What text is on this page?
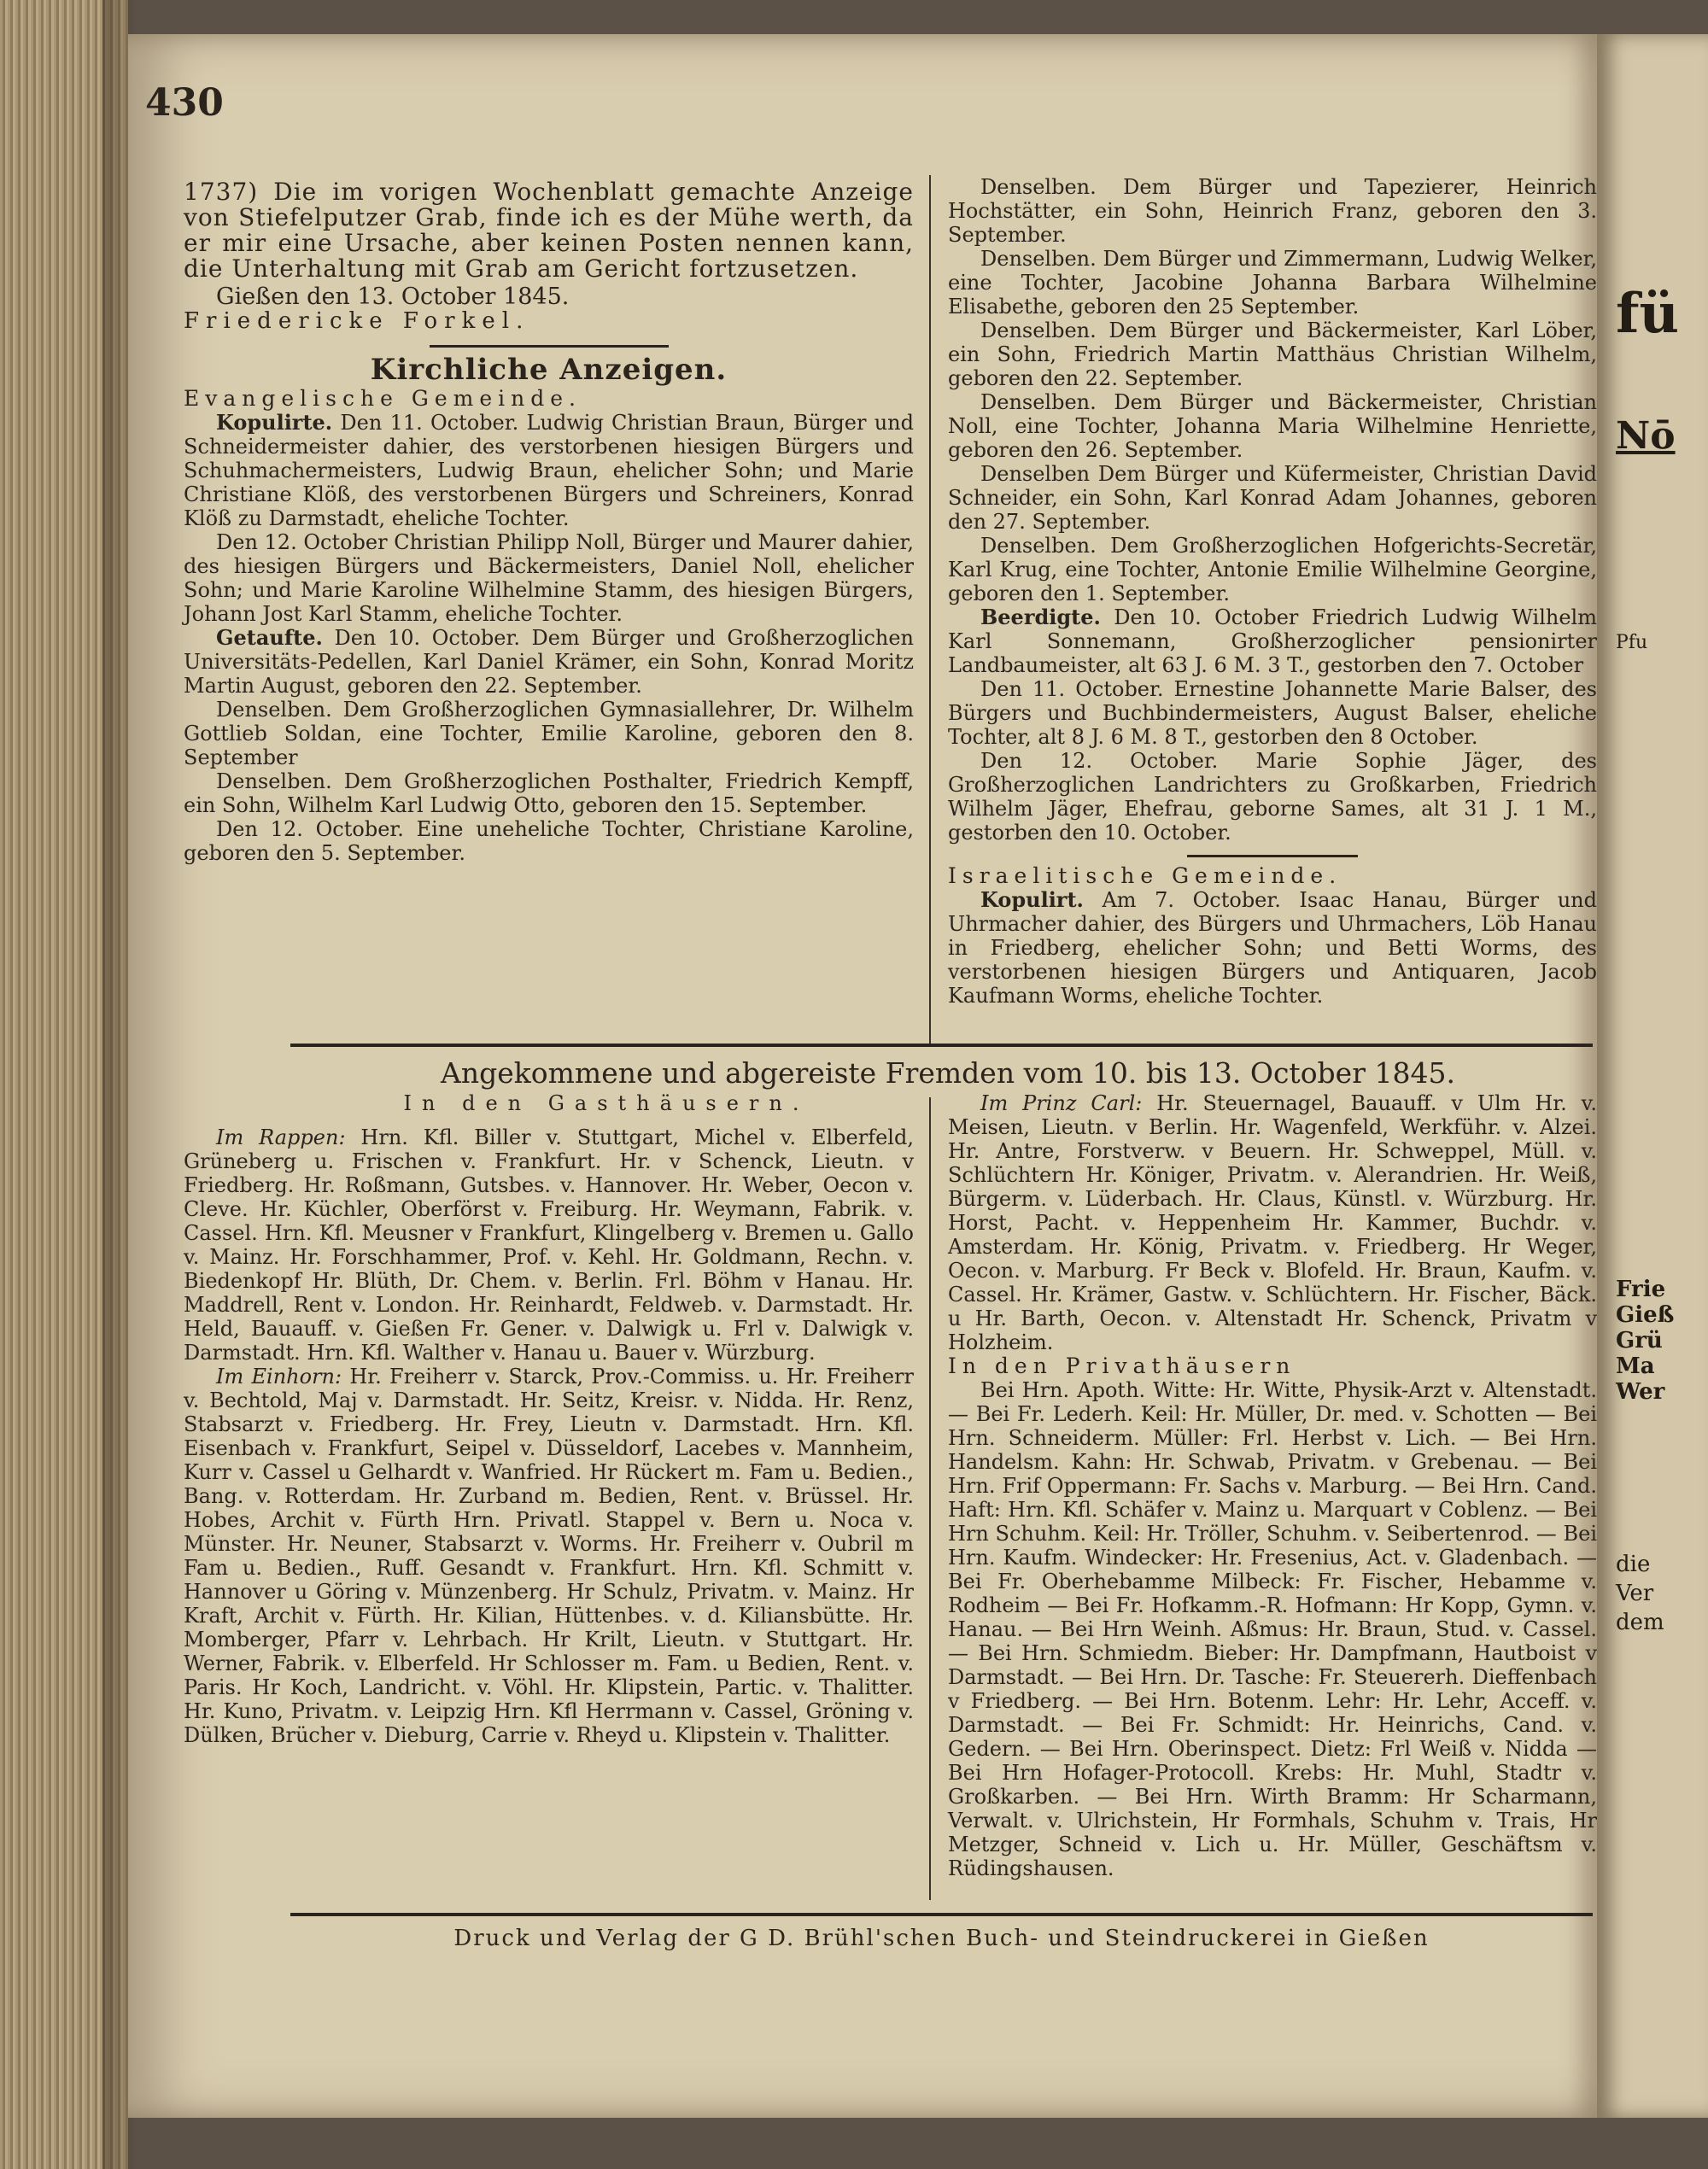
fü
Nō
Pfu
Frie Gieß Grü Ma Wer
die Ver dem
430

1737) Die im vorigen Wochenblatt gemachte Anzeige von Stiefelputzer Grab, finde ich es der Mühe werth, da er mir eine Ursache, aber keinen Posten nennen kann, die Unterhaltung mit Grab am Gericht fortzusetzen.

Gießen den 13. October 1845.

Friedericke Forkel.

Kirchliche Anzeigen.

Evangelische Gemeinde.

Kopulirte. Den 11. October. Ludwig Christian Braun, Bürger und Schneidermeister dahier, des verstorbenen hiesigen Bürgers und Schuhmachermeisters, Ludwig Braun, ehelicher Sohn; und Marie Christiane Klöß, des verstorbenen Bürgers und Schreiners, Konrad Klöß zu Darmstadt, eheliche Tochter.

Den 12. October Christian Philipp Noll, Bürger und Maurer dahier, des hiesigen Bürgers und Bäckermeisters, Daniel Noll, ehelicher Sohn; und Marie Karoline Wilhelmine Stamm, des hiesigen Bürgers, Johann Jost Karl Stamm, eheliche Tochter.

Getaufte. Den 10. October. Dem Bürger und Großherzoglichen Universitäts-Pedellen, Karl Daniel Krämer, ein Sohn, Konrad Moritz Martin August, geboren den 22. September.

Denselben. Dem Großherzoglichen Gymnasiallehrer, Dr. Wilhelm Gottlieb Soldan, eine Tochter, Emilie Karoline, geboren den 8. September

Denselben. Dem Großherzoglichen Posthalter, Friedrich Kempff, ein Sohn, Wilhelm Karl Ludwig Otto, geboren den 15. September.

Den 12. October. Eine uneheliche Tochter, Christiane Karoline, geboren den 5. September.

Denselben. Dem Bürger und Tapezierer, Heinrich Hochstätter, ein Sohn, Heinrich Franz, geboren den 3. September.

Denselben. Dem Bürger und Zimmermann, Ludwig Welker, eine Tochter, Jacobine Johanna Barbara Wilhelmine Elisabethe, geboren den 25 September.

Denselben. Dem Bürger und Bäckermeister, Karl Löber, ein Sohn, Friedrich Martin Matthäus Christian Wilhelm, geboren den 22. September.

Denselben. Dem Bürger und Bäckermeister, Christian Noll, eine Tochter, Johanna Maria Wilhelmine Henriette, geboren den 26. September.

Denselben Dem Bürger und Küfermeister, Christian David Schneider, ein Sohn, Karl Konrad Adam Johannes, geboren den 27. September.

Denselben. Dem Großherzoglichen Hofgerichts-Secretär, Karl Krug, eine Tochter, Antonie Emilie Wilhelmine Georgine, geboren den 1. September.

Beerdigte. Den 10. October Friedrich Ludwig Wilhelm Karl Sonnemann, Großherzoglicher pensionirter Landbaumeister, alt 63 J. 6 M. 3 T., gestorben den 7. October

Den 11. October. Ernestine Johannette Marie Balser, des Bürgers und Buchbindermeisters, August Balser, eheliche Tochter, alt 8 J. 6 M. 8 T., gestorben den 8 October.

Den 12. October. Marie Sophie Jäger, des Großherzoglichen Landrichters zu Großkarben, Friedrich Wilhelm Jäger, Ehefrau, geborne Sames, alt 31 J. 1 M., gestorben den 10. October.

Israelitische Gemeinde.

Kopulirt. Am 7. October. Isaac Hanau, Bürger und Uhrmacher dahier, des Bürgers und Uhrmachers, Löb Hanau in Friedberg, ehelicher Sohn; und Betti Worms, des verstorbenen hiesigen Bürgers und Antiquaren, Jacob Kaufmann Worms, eheliche Tochter.

Angekommene und abgereiste Fremden vom 10. bis 13. October 1845.
In den Gasthäusern.

Im Rappen: Hrn. Kfl. Biller v. Stuttgart, Michel v. Elberfeld, Grüneberg u. Frischen v. Frankfurt. Hr. v Schenck, Lieutn. v Friedberg. Hr. Roßmann, Gutsbes. v. Hannover. Hr. Weber, Oecon v. Cleve. Hr. Küchler, Oberförst v. Freiburg. Hr. Weymann, Fabrik. v. Cassel. Hrn. Kfl. Meusner v Frankfurt, Klingelberg v. Bremen u. Gallo v. Mainz. Hr. Forschhammer, Prof. v. Kehl. Hr. Goldmann, Rechn. v. Biedenkopf Hr. Blüth, Dr. Chem. v. Berlin. Frl. Böhm v Hanau. Hr. Maddrell, Rent v. London. Hr. Reinhardt, Feldweb. v. Darmstadt. Hr. Held, Bauauff. v. Gießen Fr. Gener. v. Dalwigk u. Frl v. Dalwigk v. Darmstadt. Hrn. Kfl. Walther v. Hanau u. Bauer v. Würzburg.

Im Einhorn: Hr. Freiherr v. Starck, Prov.-Commiss. u. Hr. Freiherr v. Bechtold, Maj v. Darmstadt. Hr. Seitz, Kreisr. v. Nidda. Hr. Renz, Stabsarzt v. Friedberg. Hr. Frey, Lieutn v. Darmstadt. Hrn. Kfl. Eisenbach v. Frankfurt, Seipel v. Düsseldorf, Lacebes v. Mannheim, Kurr v. Cassel u Gelhardt v. Wanfried. Hr Rückert m. Fam u. Bedien., Bang. v. Rotterdam. Hr. Zurband m. Bedien, Rent. v. Brüssel. Hr. Hobes, Archit v. Fürth Hrn. Privatl. Stappel v. Bern u. Noca v. Münster. Hr. Neuner, Stabsarzt v. Worms. Hr. Freiherr v. Oubril m Fam u. Bedien., Ruff. Gesandt v. Frankfurt. Hrn. Kfl. Schmitt v. Hannover u Göring v. Münzenberg. Hr Schulz, Privatm. v. Mainz. Hr Kraft, Archit v. Fürth. Hr. Kilian, Hüttenbes. v. d. Kiliansbütte. Hr. Momberger, Pfarr v. Lehrbach. Hr Krilt, Lieutn. v Stuttgart. Hr. Werner, Fabrik. v. Elberfeld. Hr Schlosser m. Fam. u Bedien, Rent. v. Paris. Hr Koch, Landricht. v. Vöhl. Hr. Klipstein, Partic. v. Thalitter. Hr. Kuno, Privatm. v. Leipzig Hrn. Kfl Herrmann v. Cassel, Gröning v. Dülken, Brücher v. Dieburg, Carrie v. Rheyd u. Klipstein v. Thalitter.

Im Prinz Carl: Hr. Steuernagel, Bauauff. v Ulm Hr. v. Meisen, Lieutn. v Berlin. Hr. Wagenfeld, Werkführ. v. Alzei. Hr. Antre, Forstverw. v Beuern. Hr. Schweppel, Müll. v. Schlüchtern Hr. Königer, Privatm. v. Alerandrien. Hr. Weiß, Bürgerm. v. Lüderbach. Hr. Claus, Künstl. v. Würzburg. Hr. Horst, Pacht. v. Heppenheim Hr. Kammer, Buchdr. v. Amsterdam. Hr. König, Privatm. v. Friedberg. Hr Weger, Oecon. v. Marburg. Fr Beck v. Blofeld. Hr. Braun, Kaufm. v. Cassel. Hr. Krämer, Gastw. v. Schlüchtern. Hr. Fischer, Bäck. u Hr. Barth, Oecon. v. Altenstadt Hr. Schenck, Privatm v Holzheim.

In den Privathäusern

Bei Hrn. Apoth. Witte: Hr. Witte, Physik-Arzt v. Altenstadt. — Bei Fr. Lederh. Keil: Hr. Müller, Dr. med. v. Schotten — Bei Hrn. Schneiderm. Müller: Frl. Herbst v. Lich. — Bei Hrn. Handelsm. Kahn: Hr. Schwab, Privatm. v Grebenau. — Bei Hrn. Frif Oppermann: Fr. Sachs v. Marburg. — Bei Hrn. Cand. Haft: Hrn. Kfl. Schäfer v. Mainz u. Marquart v Coblenz. — Bei Hrn Schuhm. Keil: Hr. Tröller, Schuhm. v. Seibertenrod. — Bei Hrn. Kaufm. Windecker: Hr. Fresenius, Act. v. Gladenbach. — Bei Fr. Oberhebamme Milbeck: Fr. Fischer, Hebamme v. Rodheim — Bei Fr. Hofkamm.-R. Hofmann: Hr Kopp, Gymn. v. Hanau. — Bei Hrn Weinh. Aßmus: Hr. Braun, Stud. v. Cassel. — Bei Hrn. Schmiedm. Bieber: Hr. Dampfmann, Hautboist v Darmstadt. — Bei Hrn. Dr. Tasche: Fr. Steuererh. Dieffenbach v Friedberg. — Bei Hrn. Botenm. Lehr: Hr. Lehr, Acceff. v. Darmstadt. — Bei Fr. Schmidt: Hr. Heinrichs, Cand. v. Gedern. — Bei Hrn. Oberinspect. Dietz: Frl Weiß v. Nidda — Bei Hrn Hofager-Protocoll. Krebs: Hr. Muhl, Stadtr v. Großkarben. — Bei Hrn. Wirth Bramm: Hr Scharmann, Verwalt. v. Ulrichstein, Hr Formhals, Schuhm v. Trais, Hr Metzger, Schneid v. Lich u. Hr. Müller, Geschäftsm v. Rüdingshausen.

Druck und Verlag der G D. Brühl'schen Buch- und Steindruckerei in Gießen
